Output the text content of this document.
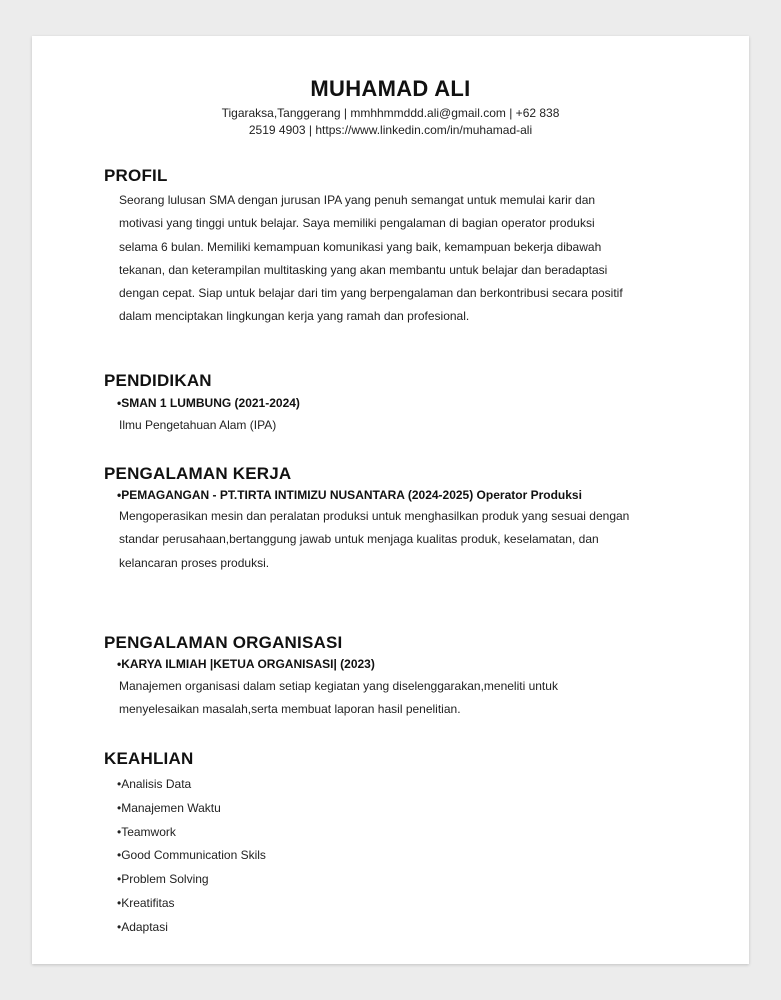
MUHAMAD ALI
Tigaraksa,Tanggerang | mmhhmmddd.ali@gmail.com | +62 838
2519 4903 | https://www.linkedin.com/in/muhamad-ali
PROFIL
Seorang lulusan SMA dengan jurusan IPA yang penuh semangat untuk memulai karir dan
motivasi yang tinggi untuk belajar. Saya memiliki pengalaman di bagian operator produksi
selama 6 bulan. Memiliki kemampuan komunikasi yang baik, kemampuan bekerja dibawah
tekanan, dan keterampilan multitasking yang akan membantu untuk belajar dan beradaptasi
dengan cepat. Siap untuk belajar dari tim yang berpengalaman dan berkontribusi secara positif
dalam menciptakan lingkungan kerja yang ramah dan profesional.
PENDIDIKAN
•SMAN 1 LUMBUNG (2021-2024)
Ilmu Pengetahuan Alam (IPA)
PENGALAMAN KERJA
•PEMAGANGAN - PT.TIRTA INTIMIZU NUSANTARA (2024-2025) Operator Produksi
Mengoperasikan mesin dan peralatan produksi untuk menghasilkan produk yang sesuai dengan
standar perusahaan,bertanggung jawab untuk menjaga kualitas produk, keselamatan, dan
kelancaran proses produksi.
PENGALAMAN ORGANISASI
•KARYA ILMIAH |KETUA ORGANISASI| (2023)
Manajemen organisasi dalam setiap kegiatan yang diselenggarakan,meneliti untuk
menyelesaikan masalah,serta membuat laporan hasil penelitian.
KEAHLIAN
•Analisis Data
•Manajemen Waktu
•Teamwork
•Good Communication Skils
•Problem Solving
•Kreatifitas
•Adaptasi
